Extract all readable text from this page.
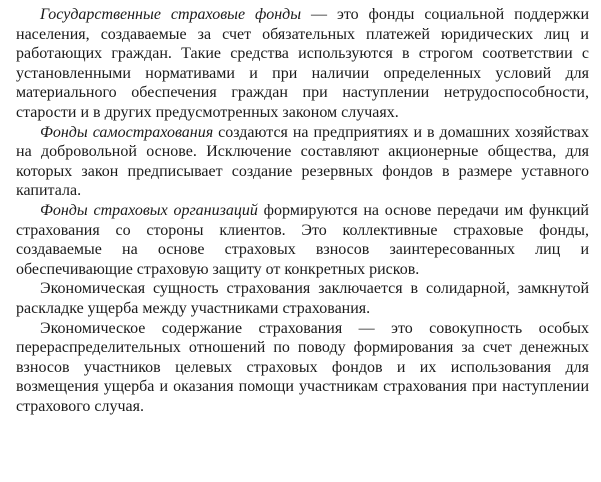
Государственные страховые фонды — это фонды социальной поддержки населения, создаваемые за счет обязательных платежей юридических лиц и работающих граждан. Такие средства используются в строгом соответствии с установленными нормативами и при наличии определенных условий для материального обеспечения граждан при наступлении нетрудоспособности, старости и в других предусмотренных законом случаях.

Фонды самострахования создаются на предприятиях и в домашних хозяйствах на добровольной основе. Исключение составляют акционерные общества, для которых закон предписывает создание резервных фондов в размере уставного капитала.

Фонды страховых организаций формируются на основе передачи им функций страхования со стороны клиентов. Это коллективные страховые фонды, создаваемые на основе страховых взносов заинтересованных лиц и обеспечивающие страховую защиту от конкретных рисков.

Экономическая сущность страхования заключается в солидарной, замкнутой раскладке ущерба между участниками страхования.

Экономическое содержание страхования — это совокупность особых перераспределительных отношений по поводу формирования за счет денежных взносов участников целевых страховых фондов и их использования для возмещения ущерба и оказания помощи участникам страхования при наступлении страхового случая.
